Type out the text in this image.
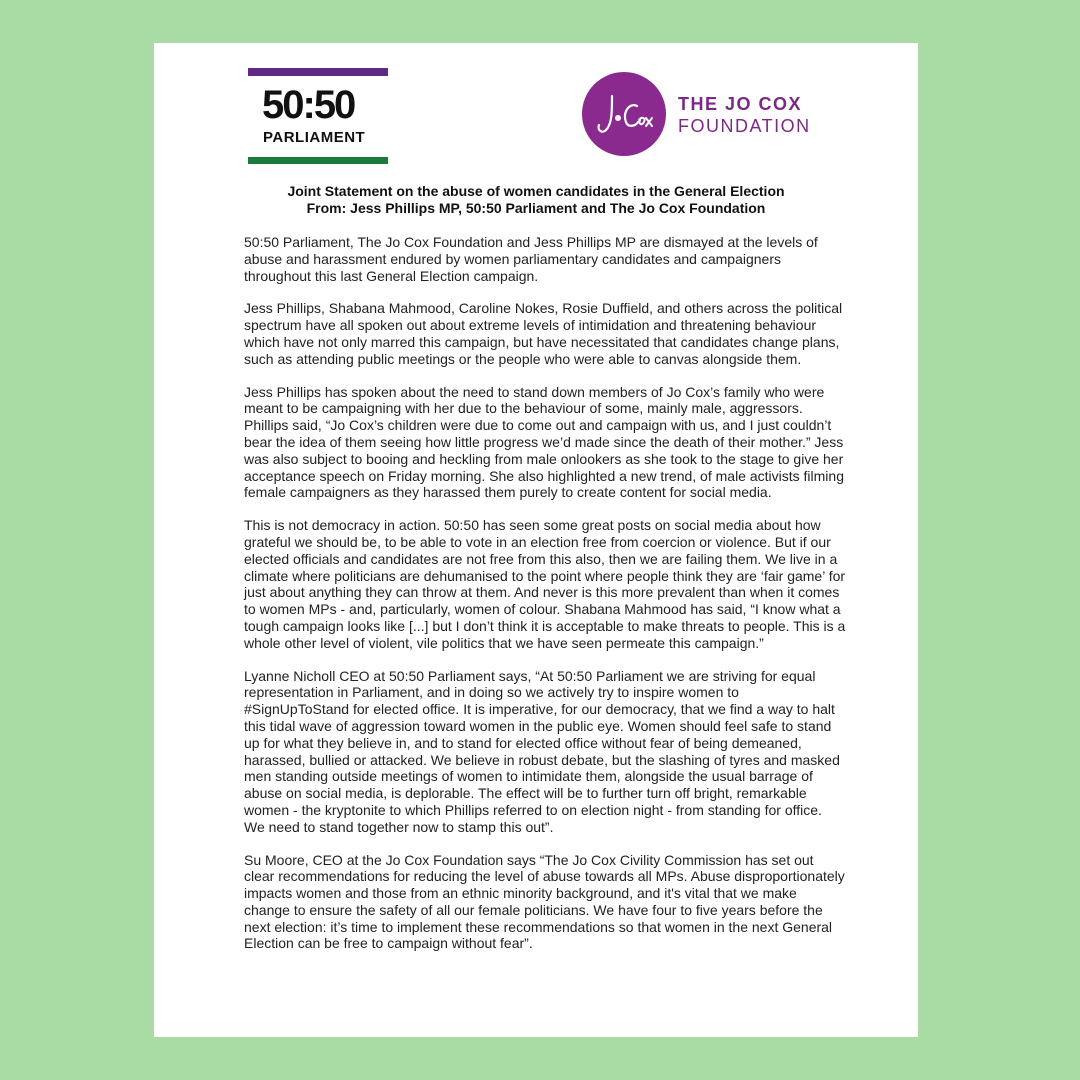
50:50
PARLIAMENT
THE JO COX
FOUNDATION
Joint Statement on the abuse of women candidates in the General Election
From: Jess Phillips MP, 50:50 Parliament and The Jo Cox Foundation

50:50 Parliament, The Jo Cox Foundation and Jess Phillips MP are dismayed at the levels of abuse and harassment endured by women parliamentary candidates and campaigners throughout this last General Election campaign.

Jess Phillips, Shabana Mahmood, Caroline Nokes, Rosie Duffield, and others across the political spectrum have all spoken out about extreme levels of intimidation and threatening behaviour which have not only marred this campaign, but have necessitated that candidates change plans, such as attending public meetings or the people who were able to canvas alongside them.

Jess Phillips has spoken about the need to stand down members of Jo Cox’s family who were meant to be campaigning with her due to the behaviour of some, mainly male, aggressors. Phillips said, “Jo Cox’s children were due to come out and campaign with us, and I just couldn’t bear the idea of them seeing how little progress we’d made since the death of their mother.” Jess was also subject to booing and heckling from male onlookers as she took to the stage to give her acceptance speech on Friday morning. She also highlighted a new trend, of male activists filming female campaigners as they harassed them purely to create content for social media.

This is not democracy in action. 50:50 has seen some great posts on social media about how grateful we should be, to be able to vote in an election free from coercion or violence. But if our elected officials and candidates are not free from this also, then we are failing them. We live in a climate where politicians are dehumanised to the point where people think they are ‘fair game’ for just about anything they can throw at them. And never is this more prevalent than when it comes to women MPs - and, particularly, women of colour. Shabana Mahmood has said, “I know what a tough campaign looks like [...] but I don’t think it is acceptable to make threats to people. This is a whole other level of violent, vile politics that we have seen permeate this campaign.”

Lyanne Nicholl CEO at 50:50 Parliament says, “At 50:50 Parliament we are striving for equal representation in Parliament, and in doing so we actively try to inspire women to #SignUpToStand for elected office. It is imperative, for our democracy, that we find a way to halt this tidal wave of aggression toward women in the public eye. Women should feel safe to stand up for what they believe in, and to stand for elected office without fear of being demeaned, harassed, bullied or attacked. We believe in robust debate, but the slashing of tyres and masked men standing outside meetings of women to intimidate them, alongside the usual barrage of abuse on social media, is deplorable. The effect will be to further turn off bright, remarkable women - the kryptonite to which Phillips referred to on election night - from standing for office. We need to stand together now to stamp this out”.

Su Moore, CEO at the Jo Cox Foundation says “The Jo Cox Civility Commission has set out clear recommendations for reducing the level of abuse towards all MPs. Abuse disproportionately impacts women and those from an ethnic minority background, and it's vital that we make change to ensure the safety of all our female politicians. We have four to five years before the next election: it’s time to implement these recommendations so that women in the next General Election can be free to campaign without fear”.
